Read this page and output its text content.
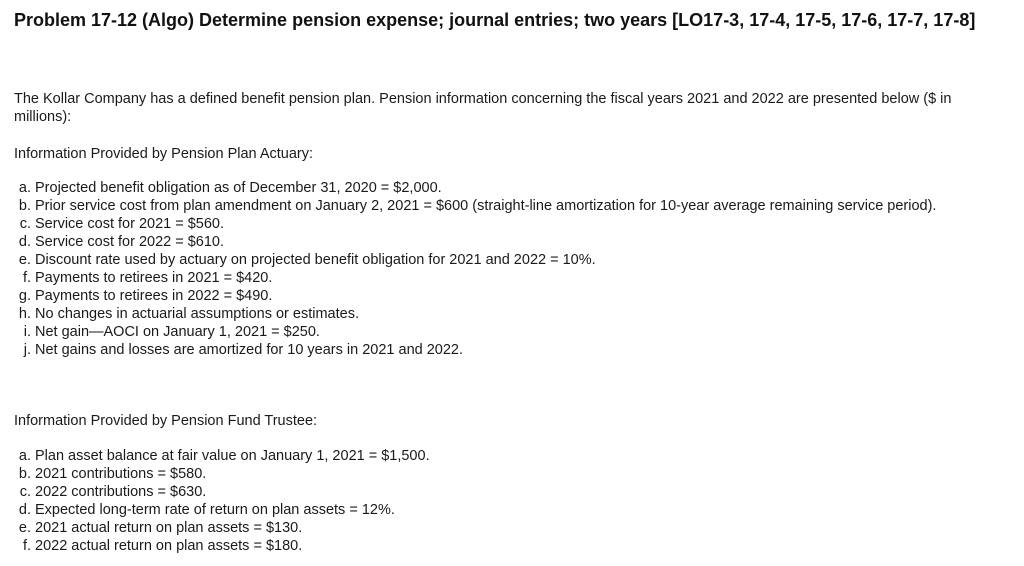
Problem 17-12 (Algo) Determine pension expense; journal entries; two years [LO17-3, 17-4, 17-5, 17-6, 17-7, 17-8]
The Kollar Company has a defined benefit pension plan. Pension information concerning the fiscal years 2021 and 2022 are presented below ($ in millions):
Information Provided by Pension Plan Actuary:
a. Projected benefit obligation as of December 31, 2020 = $2,000.
b. Prior service cost from plan amendment on January 2, 2021 = $600 (straight-line amortization for 10-year average remaining service period).
c. Service cost for 2021 = $560.
d. Service cost for 2022 = $610.
e. Discount rate used by actuary on projected benefit obligation for 2021 and 2022 = 10%.
f. Payments to retirees in 2021 = $420.
g. Payments to retirees in 2022 = $490.
h. No changes in actuarial assumptions or estimates.
i. Net gain—AOCI on January 1, 2021 = $250.
j. Net gains and losses are amortized for 10 years in 2021 and 2022.
Information Provided by Pension Fund Trustee:
a. Plan asset balance at fair value on January 1, 2021 = $1,500.
b. 2021 contributions = $580.
c. 2022 contributions = $630.
d. Expected long-term rate of return on plan assets = 12%.
e. 2021 actual return on plan assets = $130.
f. 2022 actual return on plan assets = $180.
